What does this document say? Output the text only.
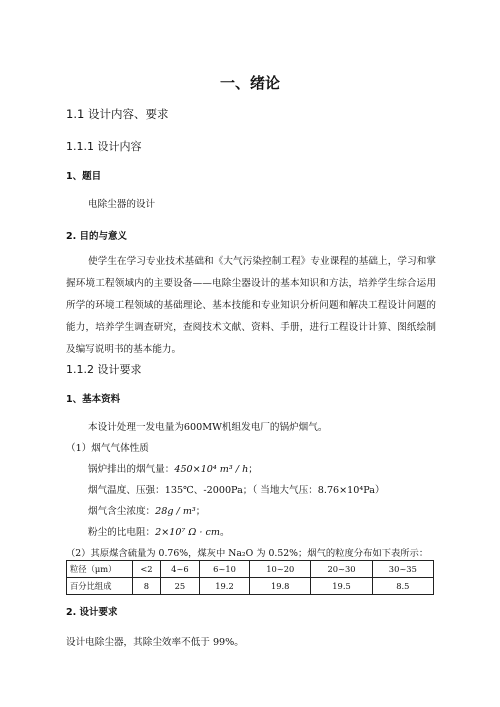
一、绪论
1.1 设计内容、要求
1.1.1 设计内容
1、题目
电除尘器的设计
2. 目的与意义
使学生在学习专业技术基础和《大气污染控制工程》专业课程的基础上，学习和掌握环境工程领域内的主要设备——电除尘器设计的基本知识和方法，培养学生综合运用所学的环境工程领域的基础理论、基本技能和专业知识分析问题和解决工程设计问题的能力，培养学生调查研究，查阅技术文献、资料、手册，进行工程设计计算、图纸绘制及编写说明书的基本能力。
1.1.2 设计要求
1、基本资料
本设计处理一发电量为600MW机组发电厂的锅炉烟气。
（1）烟气气体性质
锅炉排出的烟气量：450×10⁴ m³ / h；
烟气温度、压强：135℃、-2000Pa；（ 当地大气压：8.76×10⁴Pa）
烟气含尘浓度：28g / m³；
粉尘的比电阻：2×10⁷ Ω · cm。
（2）其原煤含硫量为 0.76%，煤灰中 Na₂O 为 0.52%；烟气的粒度分布如下表所示：
粒径（μm）	<2	4~6	6~10	10~20	20~30	30~35
百分比组成	8	25	19.2	19.8	19.5	8.5
2. 设计要求
设计电除尘器，其除尘效率不低于 99%。
